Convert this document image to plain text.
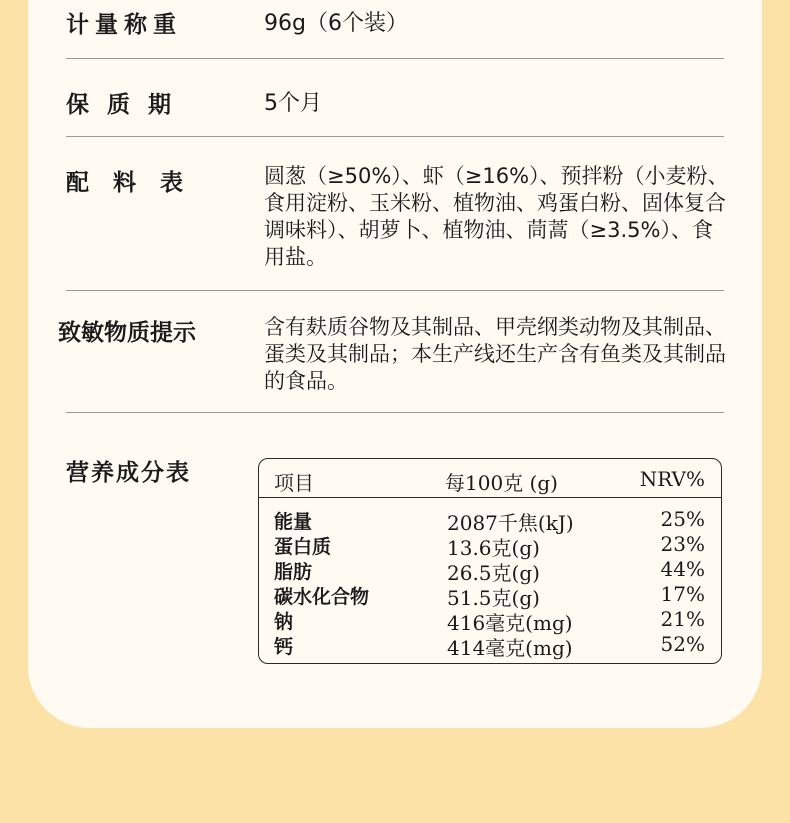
计量称重	96g（6个装）
保质期	5个月
配料表	圆葱（≥50%）、虾（≥16%）、预拌粉（小麦粉、食用淀粉、玉米粉、植物油、鸡蛋白粉、固体复合调味料）、胡萝卜、植物油、茼蒿（≥3.5%）、食用盐。
致敏物质提示	含有麸质谷物及其制品、甲壳纲类动物及其制品、蛋类及其制品；本生产线还生产含有鱼类及其制品的食品。
营养成分表	项目	每100克 (g)	NRV%
能量	2087千焦(kJ)	25%
蛋白质	13.6克(g)	23%
脂肪	26.5克(g)	44%
碳水化合物	51.5克(g)	17%
钠	416毫克(mg)	21%
钙	414毫克(mg)	52%
